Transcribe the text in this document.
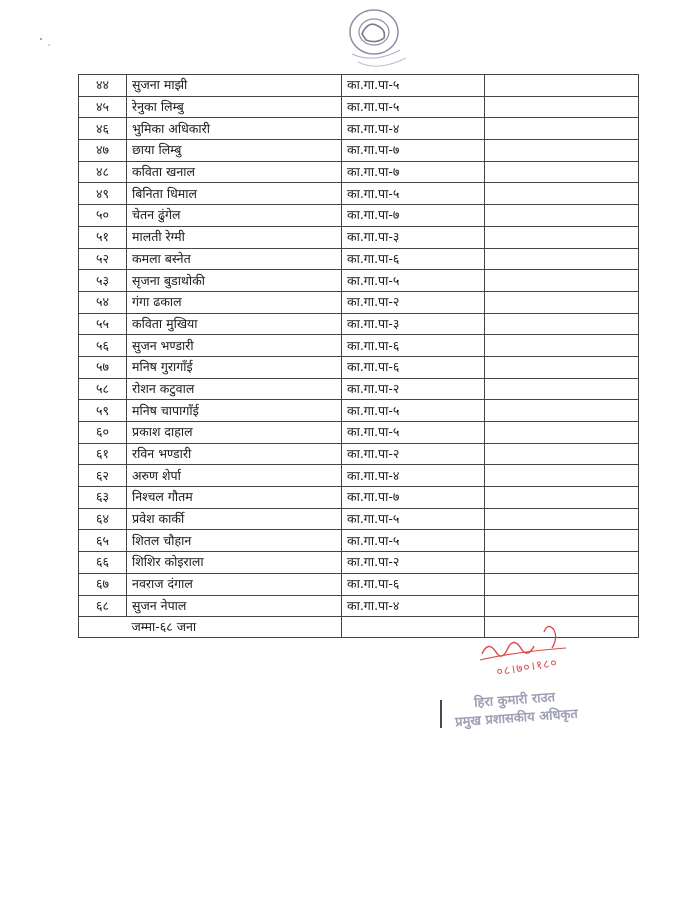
४४	सुजना माझी	का.गा.पा-५	
४५	रेनुका लिम्बु	का.गा.पा-५	
४६	भुमिका अधिकारी	का.गा.पा-४	
४७	छाया लिम्बु	का.गा.पा-७	
४८	कविता खनाल	का.गा.पा-७	
४९	बिनिता धिमाल	का.गा.पा-५	
५०	चेतन ढुंगेल	का.गा.पा-७	
५१	मालती रेग्मी	का.गा.पा-३	
५२	कमला बस्नेत	का.गा.पा-६	
५३	सृजना बुडाथोकी	का.गा.पा-५	
५४	गंगा ढकाल	का.गा.पा-२	
५५	कविता मुखिया	का.गा.पा-३	
५६	सुजन भण्डारी	का.गा.पा-६	
५७	मनिष गुरागाँई	का.गा.पा-६	
५८	रोशन कटुवाल	का.गा.पा-२	
५९	मनिष चापागाँई	का.गा.पा-५	
६०	प्रकाश दाहाल	का.गा.पा-५	
६१	रविन भण्डारी	का.गा.पा-२	
६२	अरुण शेर्पा	का.गा.पा-४	
६३	निश्चल गौतम	का.गा.पा-७	
६४	प्रवेश कार्की	का.गा.पा-५	
६५	शितल चौहान	का.गा.पा-५	
६६	शिशिर कोइराला	का.गा.पा-२	
६७	नवराज दंगाल	का.गा.पा-६	
६८	सुजन नेपाल	का.गा.पा-४	
	जम्मा-६८ जना		
०८।७०।१८०
हिरा कुमारी राउत
प्रमुख प्रशासकीय अधिकृत
